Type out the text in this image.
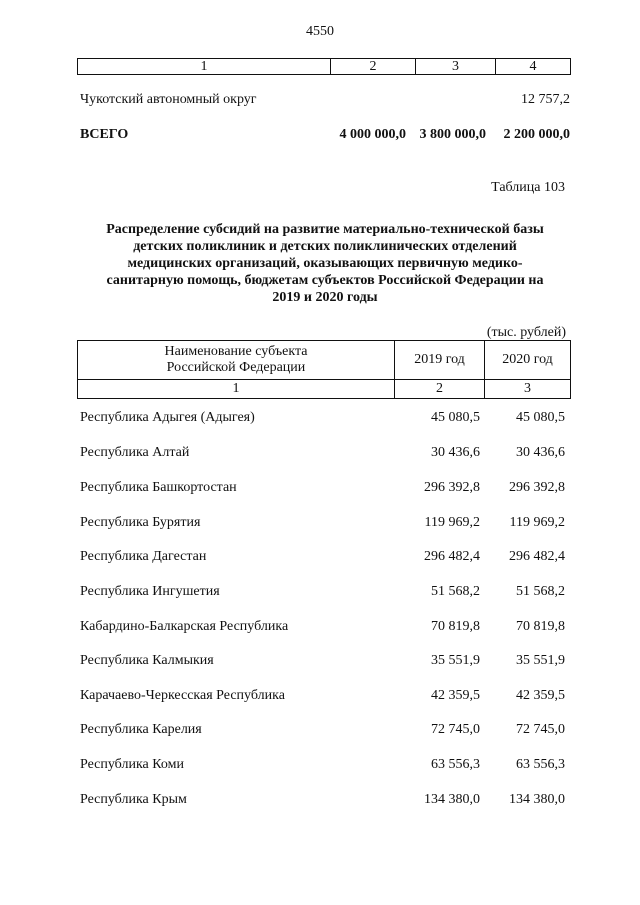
4550
1	2	3	4
Чукотский автономный округ	12 757,2
ВСЕГО	4 000 000,0 3 800 000,0 2 200 000,0
Таблица 103
Распределение субсидий на развитие материально-технической базы
детских поликлиник и детских поликлинических отделений
медицинских организаций, оказывающих первичную медико-
санитарную помощь, бюджетам субъектов Российской Федерации на
2019 и 2020 годы
(тыс. рублей)
Наименование субъекта
Российской Федерации
2019 год	2020 год
1	2	3
Республика Адыгея (Адыгея)	45 080,5	45 080,5
Республика Алтай	30 436,6	30 436,6
Республика Башкортостан	296 392,8 296 392,8
Республика Бурятия	119 969,2 119 969,2
Республика Дагестан	296 482,4 296 482,4
Республика Ингушетия	51 568,2	51 568,2
Кабардино-Балкарская Республика	70 819,8	70 819,8
Республика Калмыкия	35 551,9	35 551,9
Карачаево-Черкесская Республика	42 359,5	42 359,5
Республика Карелия	72 745,0	72 745,0
Республика Коми	63 556,3	63 556,3
Республика Крым	134 380,0 134 380,0
